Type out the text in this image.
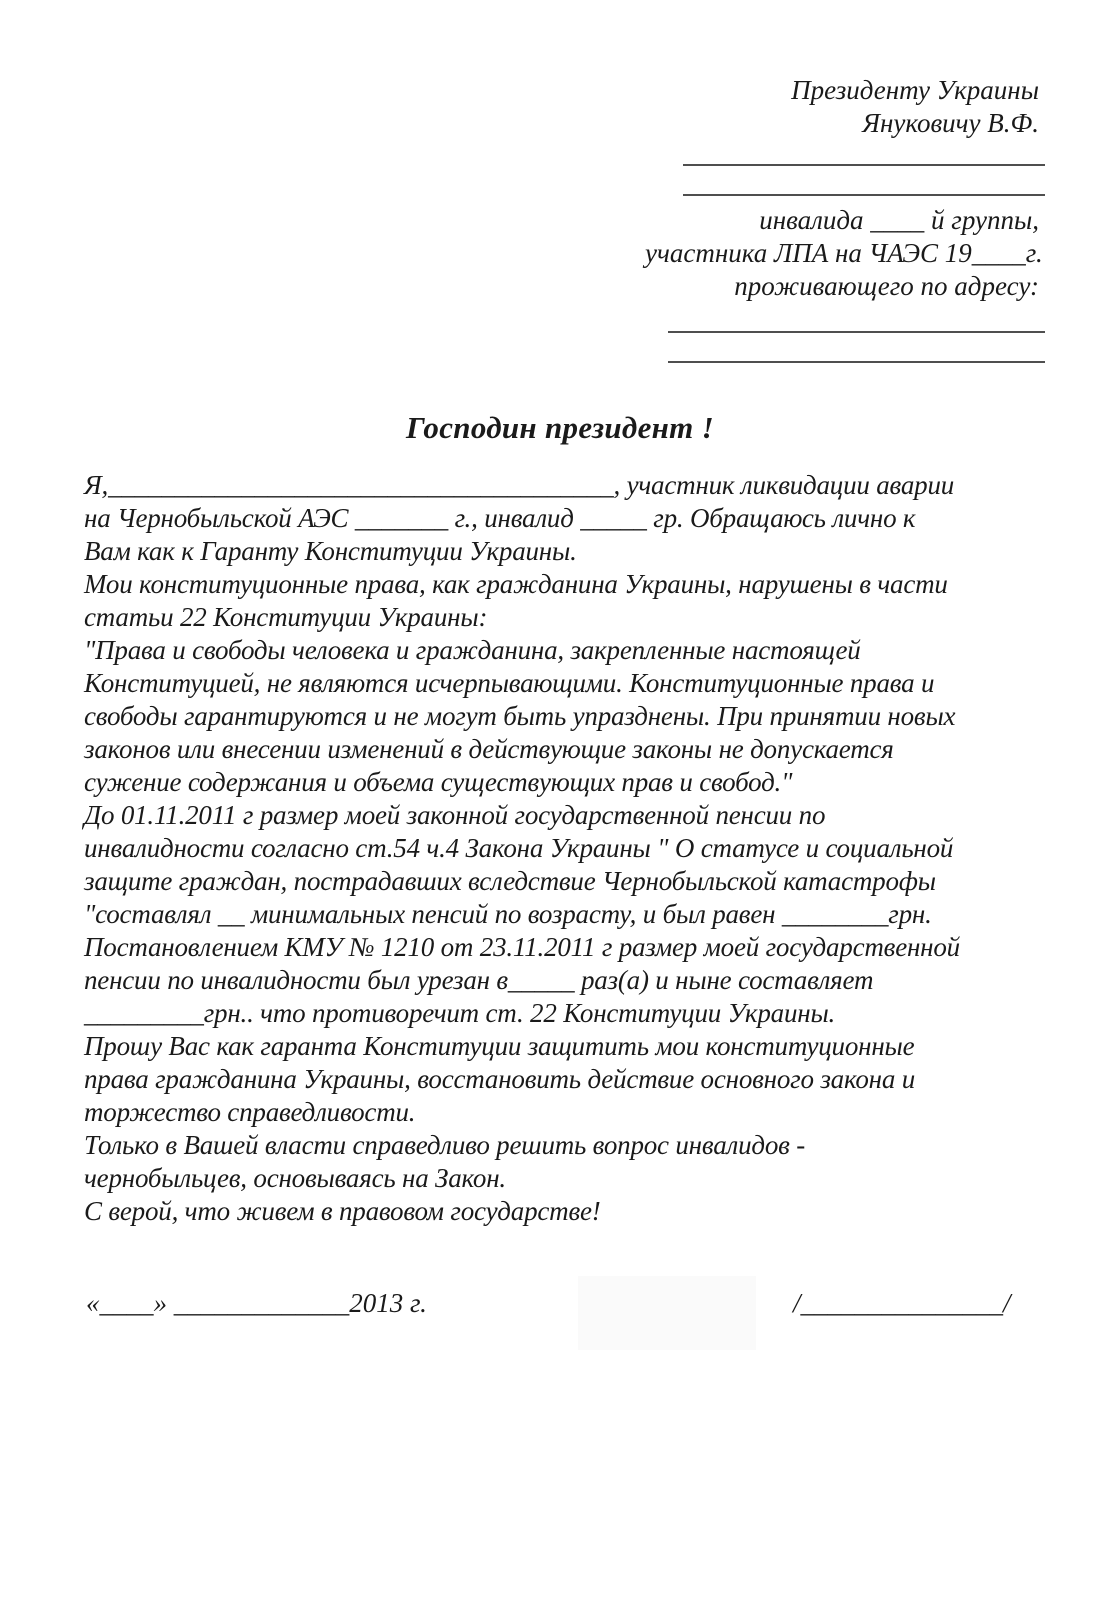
Президенту Украины
Януковичу В.Ф.
инвалида ____ й группы,
участника ЛПА на ЧАЭС 19____г.
проживающего по адресу:
Господин президент !
Я,______________________________________, участник ликвидации аварии
на Чернобыльской АЭС _______ г., инвалид _____ гр. Обращаюсь лично к
Вам как к Гаранту Конституции Украины.
Мои конституционные права, как гражданина Украины, нарушены в части
статьи 22 Конституции Украины:
"Права и свободы человека и гражданина, закрепленные настоящей
Конституцией, не являются исчерпывающими. Конституционные права и
свободы гарантируются и не могут быть упразднены. При принятии новых
законов или внесении изменений в действующие законы не допускается
сужение содержания и объема существующих прав и свобод."
До 01.11.2011 г размер моей законной государственной пенсии по
инвалидности согласно ст.54 ч.4 Закона Украины " О статусе и социальной
защите граждан, пострадавших вследствие Чернобыльской катастрофы
"составлял __ минимальных пенсий по возрасту, и был равен ________грн.
Постановлением КМУ № 1210 от 23.11.2011 г размер моей государственной
пенсии по инвалидности был урезан в_____ раз(а) и ныне составляет
_________грн.. что противоречит ст. 22 Конституции Украины.
Прошу Вас как гаранта Конституции защитить мои конституционные
права гражданина Украины, восстановить действие основного закона и
торжество справедливости.
Только в Вашей власти справедливо решить вопрос инвалидов -
чернобыльцев, основываясь на Закон.
С верой, что живем в правовом государстве!
«____» _____________2013 г.	/_______________/
